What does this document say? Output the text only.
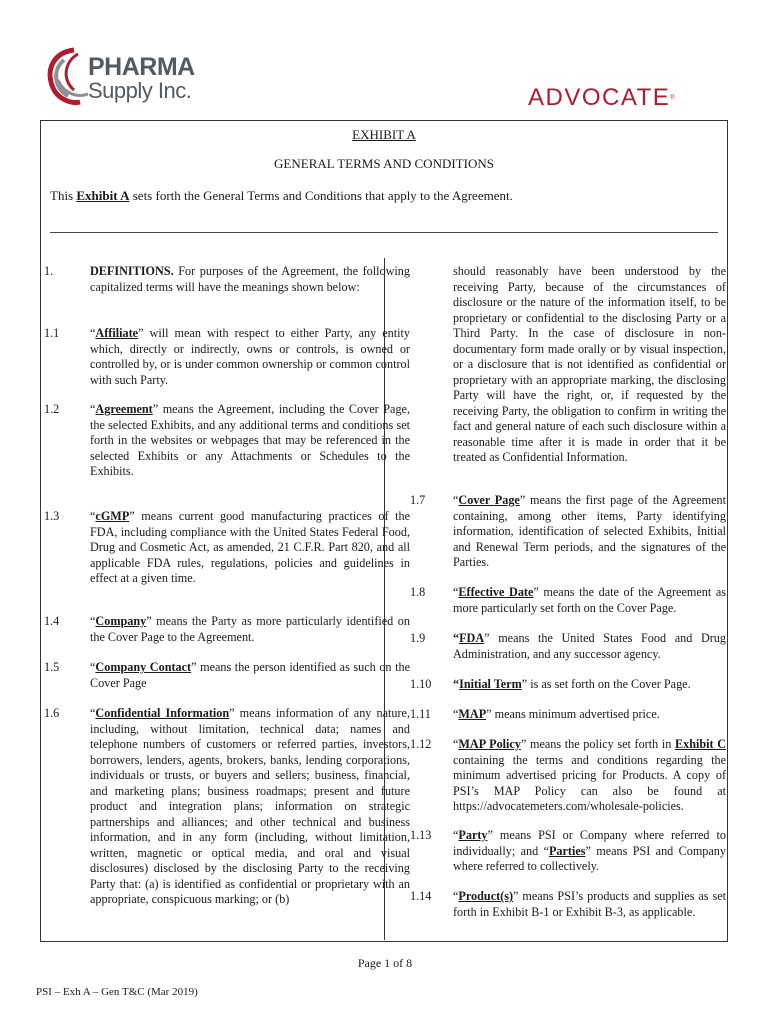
PHARMA
Supply Inc.	ADVOCATE®
EXHIBIT A
GENERAL TERMS AND CONDITIONS
This Exhibit A sets forth the General Terms and Conditions that apply to the Agreement.
1.	DEFINITIONS. For purposes of the Agreement, the following capitalized terms will have the meanings shown below:
1.1	“Affiliate” will mean with respect to either Party, any entity which, directly or indirectly, owns or controls, is owned or controlled by, or is under common ownership or common control with such Party.
1.2	“Agreement” means the Agreement, including the Cover Page, the selected Exhibits, and any additional terms and conditions set forth in the websites or webpages that may be referenced in the selected Exhibits or any Attachments or Schedules to the Exhibits.
1.3	“cGMP” means current good manufacturing practices of the FDA, including compliance with the United States Federal Food, Drug and Cosmetic Act, as amended, 21 C.F.R. Part 820, and all applicable FDA rules, regulations, policies and guidelines in effect at a given time.
1.4	“Company” means the Party as more particularly identified on the Cover Page to the Agreement.
1.5	“Company Contact” means the person identified as such on the Cover Page
1.6	“Confidential Information” means information of any nature, including, without limitation, technical data; names and telephone numbers of customers or referred parties, investors, borrowers, lenders, agents, brokers, banks, lending corporations, individuals or trusts, or buyers and sellers; business, financial, and marketing plans; business roadmaps; present and future product and integration plans; information on strategic partnerships and alliances; and other technical and business information, and in any form (including, without limitation, written, magnetic or optical media, and oral and visual disclosures) disclosed by the disclosing Party to the receiving Party that: (a) is identified as confidential or proprietary with an appropriate, conspicuous marking; or (b)
should reasonably have been understood by the receiving Party, because of the circumstances of disclosure or the nature of the information itself, to be proprietary or confidential to the disclosing Party or a Third Party. In the case of disclosure in non-documentary form made orally or by visual inspection, or a disclosure that is not identified as confidential or proprietary with an appropriate marking, the disclosing Party will have the right, or, if requested by the receiving Party, the obligation to confirm in writing the fact and general nature of each such disclosure within a reasonable time after it is made in order that it be treated as Confidential Information.
1.7 “Cover Page” means the first page of the Agreement containing, among other items, Party identifying information, identification of selected Exhibits, Initial and Renewal Term periods, and the signatures of the Parties.
1.8 “Effective Date” means the date of the Agreement as more particularly set forth on the Cover Page.
1.9 “FDA” means the United States Food and Drug Administration, and any successor agency.
1.10 “Initial Term” is as set forth on the Cover Page.
1.11 “MAP” means minimum advertised price.
1.12 “MAP Policy” means the policy set forth in Exhibit C containing the terms and conditions regarding the minimum advertised pricing for Products. A copy of PSI’s MAP Policy can also be found at https://advocatemeters.com/wholesale-policies.
1.13 “Party” means PSI or Company where referred to individually; and “Parties” means PSI and Company where referred to collectively.
1.14 “Product(s)” means PSI’s products and supplies as set forth in Exhibit B-1 or Exhibit B-3, as applicable.
Page 1 of 8
PSI – Exh A – Gen T&C (Mar 2019)
